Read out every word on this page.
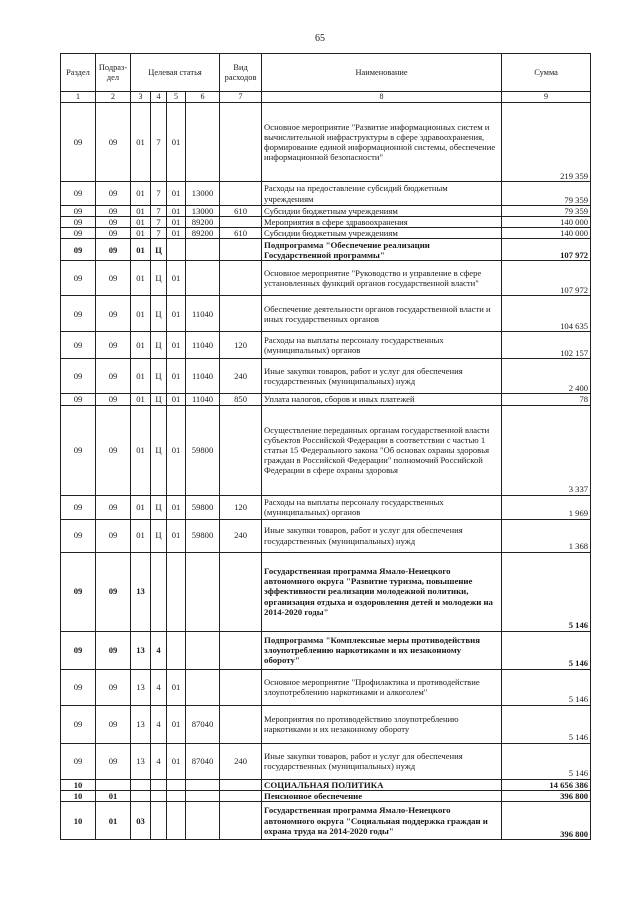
65
Раздел	Подраз-дел	Целевая статья				Вид расходов	Наименование	Сумма
1	2	3	4	5	6	7	8	9
09	09	01	7	01			Основное мероприятие "Развитие информационных систем и вычислительной инфраструктуры в сфере здравоохранения, формирование единой информационной системы, обеспечение информационной безопасности"	219 359
09	09	01	7	01	13000		Расходы на предоставление субсидий бюджетным учреждениям	79 359
09	09	01	7	01	13000	610	Субсидии бюджетным учреждениям	79 359
09	09	01	7	01	89200		Мероприятия в сфере здравоохранения	140 000
09	09	01	7	01	89200	610	Субсидии бюджетным учреждениям	140 000
09	09	01	Ц				Подпрограмма "Обеспечение реализации Государственной программы"	107 972
09	09	01	Ц	01			Основное мероприятие "Руководство и управление в сфере установленных функций органов государственной власти"	107 972
09	09	01	Ц	01	11040		Обеспечение деятельности органов государственной власти и иных государственных органов	104 635
09	09	01	Ц	01	11040	120	Расходы на выплаты персоналу государственных (муниципальных) органов	102 157
09	09	01	Ц	01	11040	240	Иные закупки товаров, работ и услуг для обеспечения государственных (муниципальных) нужд	2 400
09	09	01	Ц	01	11040	850	Уплата налогов, сборов и иных платежей	78
09	09	01	Ц	01	59800		Осуществление переданных органам государственной власти субъектов Российской Федерации в соответствии с частью 1 статьи 15 Федерального закона "Об основах охраны здоровья граждан в Российской Федерации" полномочий Российской Федерации в сфере охраны здоровья	3 337
09	09	01	Ц	01	59800	120	Расходы на выплаты персоналу государственных (муниципальных) органов	1 969
09	09	01	Ц	01	59800	240	Иные закупки товаров, работ и услуг для обеспечения государственных (муниципальных) нужд	1 368
09	09	13					Государственная программа Ямало-Ненецкого автономного округа "Развитие туризма, повышение эффективности реализации молодежной политики, организация отдыха и оздоровления детей и молодежи на 2014-2020 годы"	5 146
09	09	13	4				Подпрограмма "Комплексные меры противодействия злоупотреблению наркотиками и их незаконному обороту"	5 146
09	09	13	4	01			Основное мероприятие "Профилактика и противодействие злоупотреблению наркотиками и алкоголем"	5 146
09	09	13	4	01	87040		Мероприятия по противодействию злоупотреблению наркотиками и их незаконному обороту	5 146
09	09	13	4	01	87040	240	Иные закупки товаров, работ и услуг для обеспечения государственных (муниципальных) нужд	5 146
10							СОЦИАЛЬНАЯ ПОЛИТИКА	14 656 386
10	01						Пенсионное обеспечение	396 800
10	01	03					Государственная программа Ямало-Ненецкого автономного округа "Социальная поддержка граждан и охрана труда на 2014-2020 годы"	396 800
